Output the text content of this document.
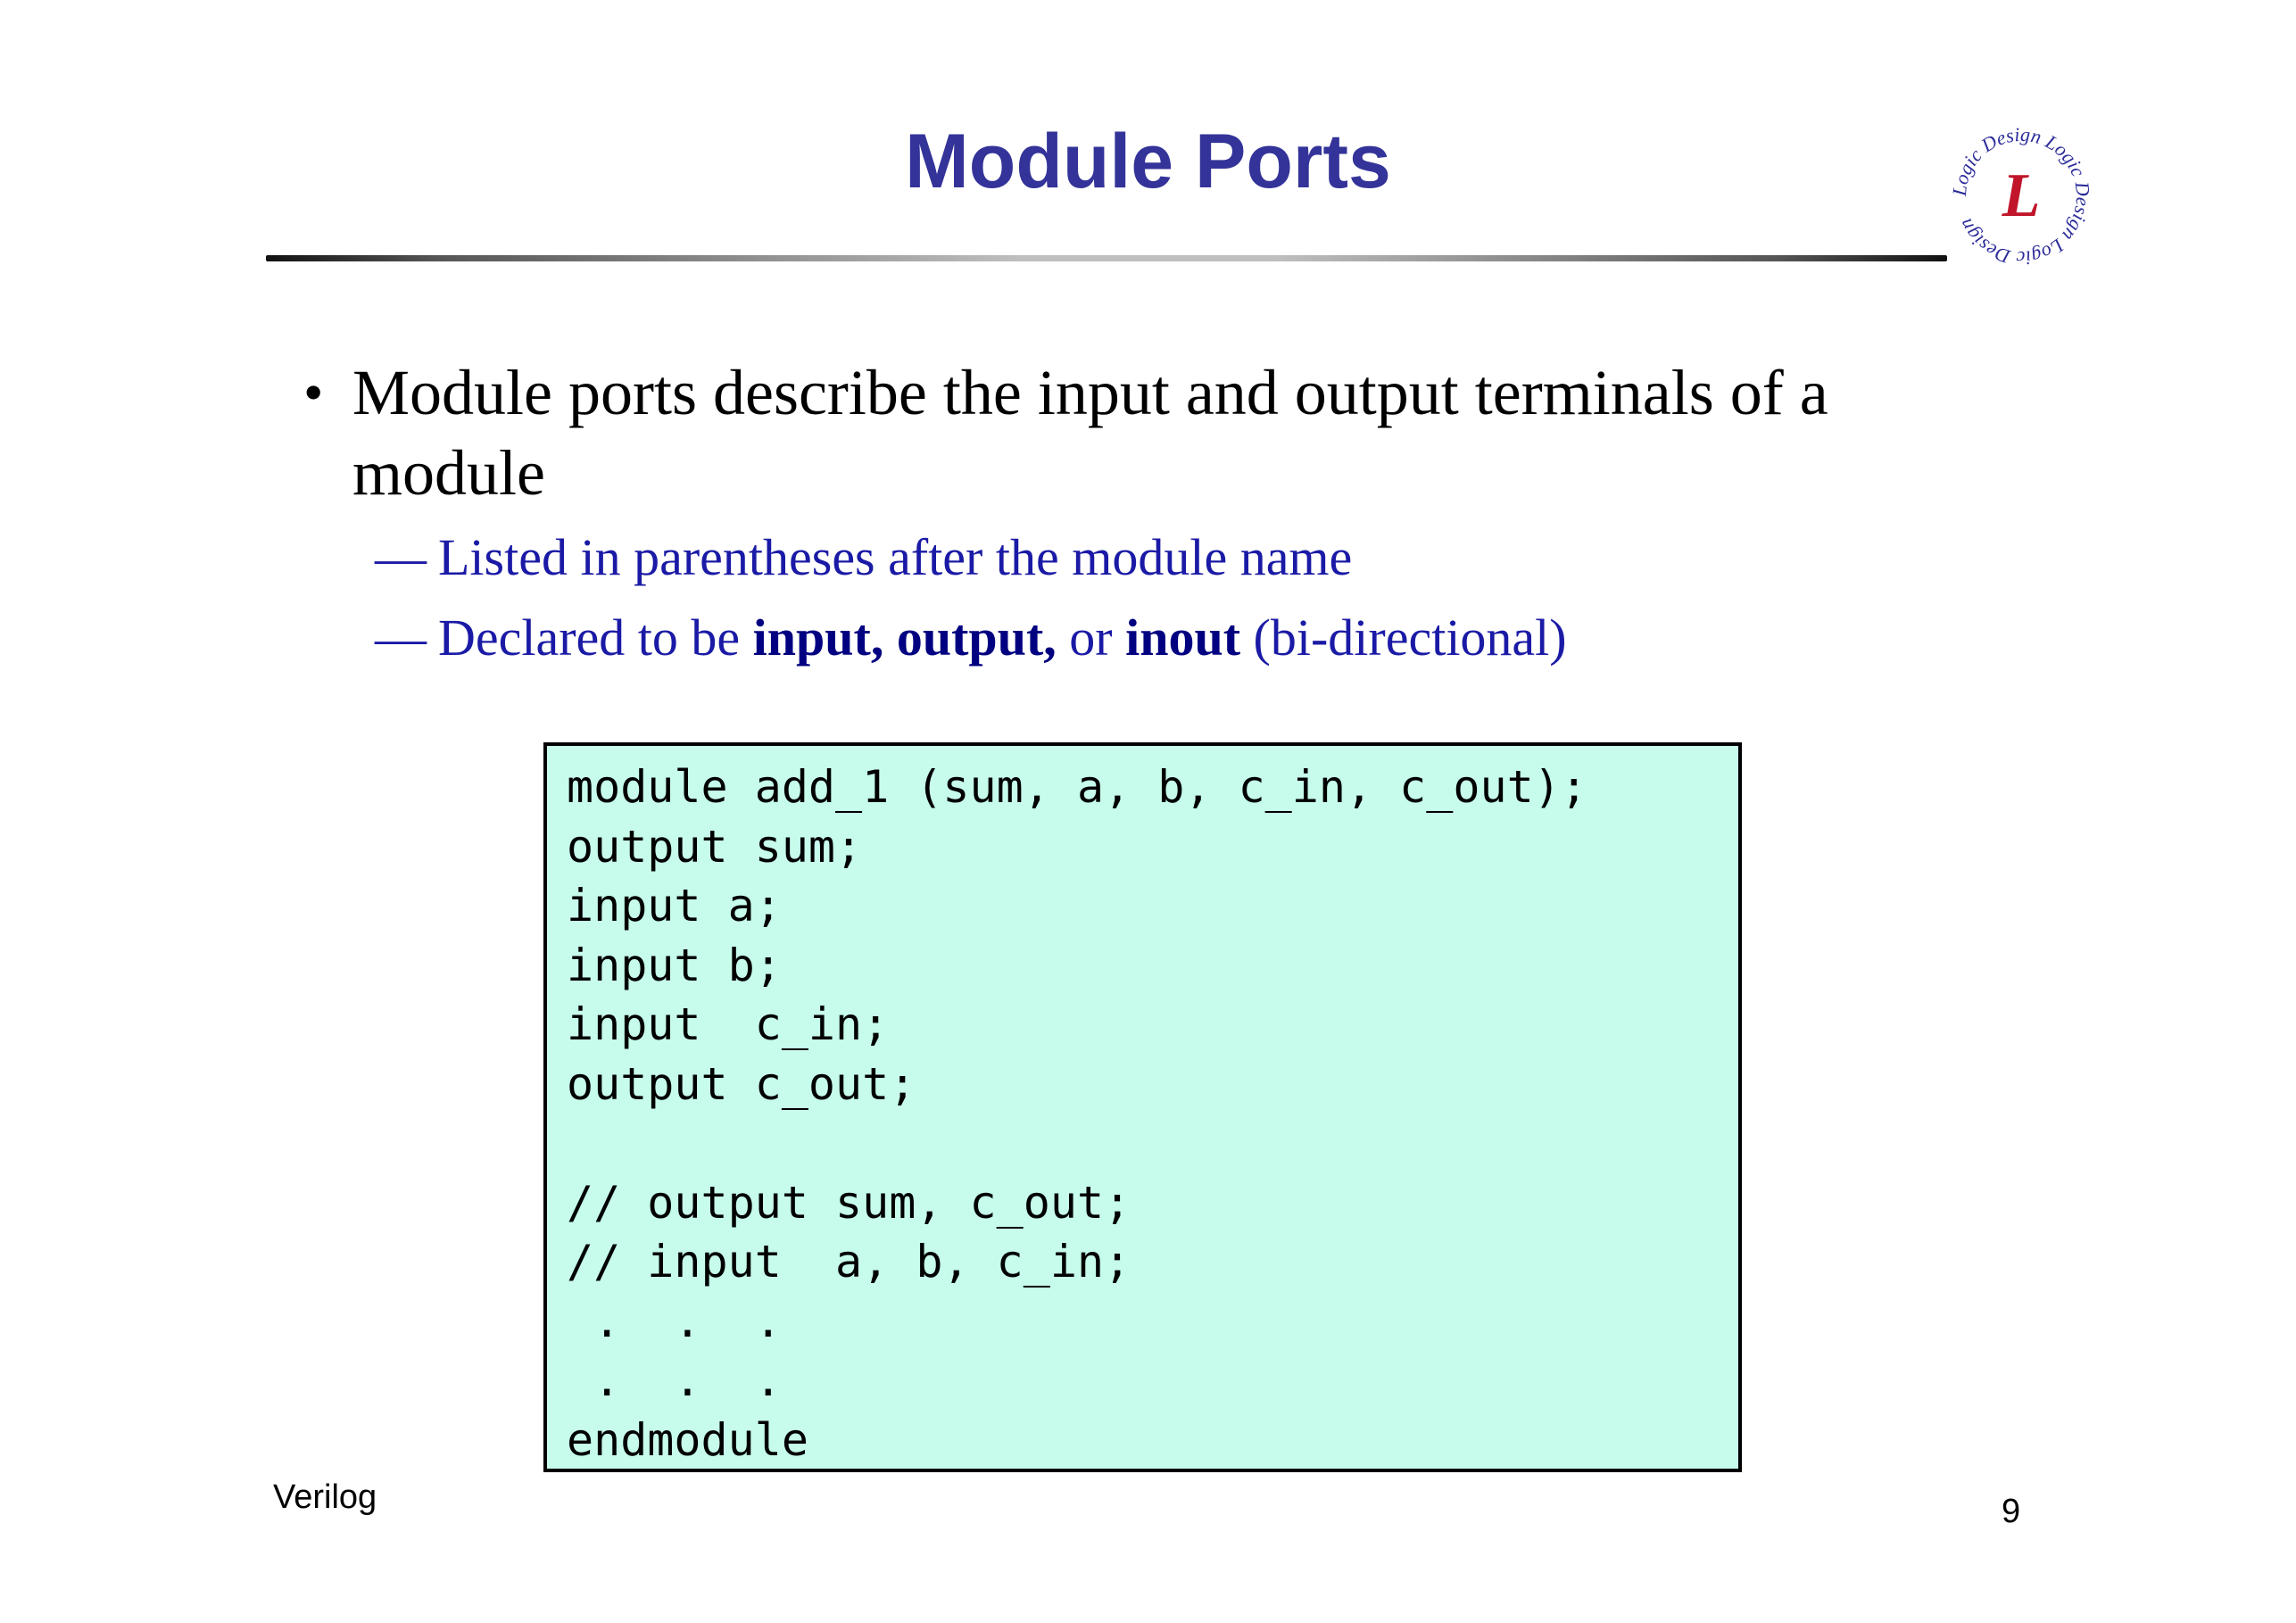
Module Ports	Logic Design Logic Design Logic Design L
• Module ports describe the input and output terminals of a module
— Listed in parentheses after the module name
— Declared to be input, output, or inout (bi-directional)
module add_1 (sum, a, b, c_in, c_out);
output sum;
input a;
input b;
input  c_in;
output c_out;
// output sum, c_out;
// input  a, b, c_in;
.  .  .
.  .  .
endmodule
Verilog	9
